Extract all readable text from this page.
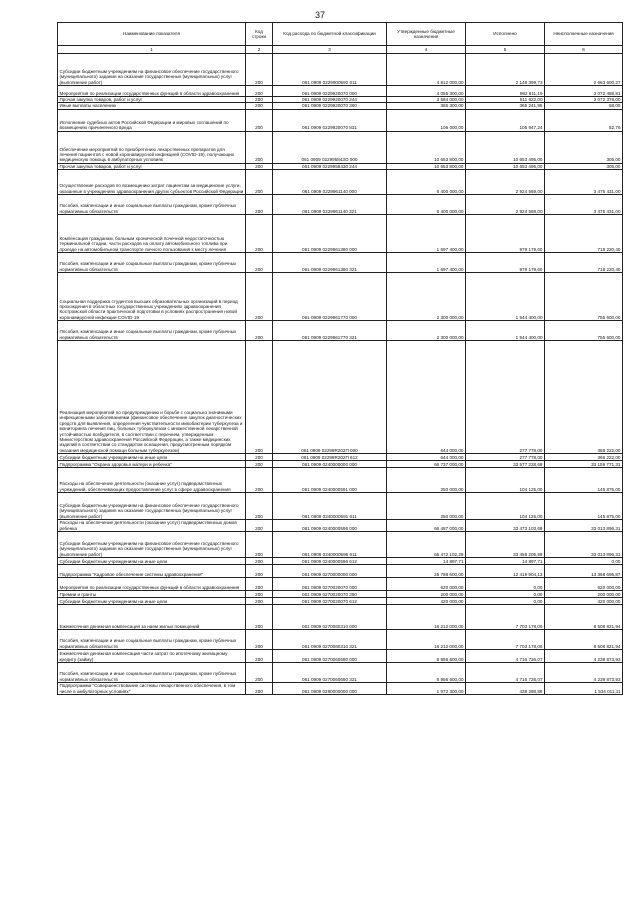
37
Наименование показателя	Код строки	Код расхода по бюджетной классификации	Утвержденные бюджетные назначения	Исполнено	Неисполненные назначения
1	2	3	4	5	6
Субсидии бюджетным учреждениям на финансовое обеспечение государственного (муниципального) задания на оказание государственных (муниципальных) услуг (выполнение работ)	200	061 0909 0229900592 611	4 812 000,00	2 148 399,73	2 663 600,27
Мероприятия по реализации государственных функций в области здравоохранения	200	061 0909 0229920070 000	4 055 300,00	982 811,19	3 072 488,81
Прочая закупка товаров, работ и услуг	200	061 0909 0229920070 244	3 584 000,00	511 622,00	3 072 378,00
Иные выплаты населению	200	061 0909 0229920070 360	365 300,00	365 241,95	58,05
Исполнение судебных актов Российской Федерации и мировых соглашений по возмещению причиненного вреда	200	061 0909 0229920070 831	106 000,00	105 947,24	52,76
Обеспечение мероприятий по приобретению лекарственных препаратов для лечения пациентов с новой коронавирусной инфекцией (COVID-19), получающих медицинскую помощь в амбулаторных условиях	200	061 0909 022995843О 000	10 653 800,00	10 653 495,00	305,00
Прочая закупка товаров, работ и услуг	200	061 0909 0229958430 244	10 653 800,00	10 653 495,00	305,00
Осуществление расходов по возмещению затрат пациентам за медицинские услуги, оказанные в учреждениях здравоохранения других субъектов Российской Федерации	200	061 0909 0229961140 000	6 400 000,00	2 924 569,00	3 475 431,00
Пособия, компенсации и иные социальные выплаты гражданам, кроме публичных нормативных обязательств	200	061 0909 0229961140 321	6 400 000,00	2 924 569,00	3 475 431,00
Компенсация гражданам, больным хронической почечной недостаточностью терминальной стадии, части расходов на оплату автомобильного топлива при проезде на автомобильном транспорте личного пользования к месту лечения	200	061 0909 0229961380 000	1 697 400,00	979 179,60	718 220,40
Пособия, компенсации и иные социальные выплаты гражданам, кроме публичных нормативных обязательств	200	061 0909 0229961380 321	1 697 400,00	979 179,60	718 220,40
Социальная поддержка студентов высших образовательных организаций в период прохождения в областных государственных учреждениях здравоохранения Костромской области практической подготовки в условиях распространения новой коронавирусной инфекции COVID-19	200	061 0909 0229961770 000	2 300 000,00	1 544 400,00	755 600,00
Пособия, компенсации и иные социальные выплаты гражданам, кроме публичных нормативных обязательств	200	061 0909 0229961770 321	2 300 000,00	1 544 400,00	755 600,00
Реализация мероприятий по предупреждению и борьбе с социально значимыми инфекционными заболеваниями (финансовое обеспечение закупок диагностических средств для выявления, определения чувствительности микобактерии туберкулеза и мониторинга лечения лиц, больных туберкулезом с множественной лекарственной устойчивостью возбудителя, в соответствии с перечнем, утвержденным Министерством здравоохранения Российской Федерации, а также медицинских изделий в соответствии со стандартом оснащения, предусмотренным порядком оказания медицинской помощи больным туберкулезом)	200	061 0909 02299R202П 000	644 000,00	277 778,00	366 222,00
Субсидии бюджетным учреждениям на иные цели	200	061 0909 02299R202П 612	644 000,00	277 778,00	366 222,00
Подпрограмма "Охрана здоровья матери и ребенка"	200	061 0909 0240000000 000	66 737 000,00	33 577 228,69	33 159 771,31
Расходы на обеспечение деятельности (оказание услуг) подведомственных учреждений, обеспечивающих предоставление услуг в сфере здравоохранения	200	061 0909 0240000591 000	250 000,00	104 125,00	145 875,00
Субсидии бюджетным учреждениям на финансовое обеспечение государственного (муниципального) задания на оказание государственных (муниципальных) услуг (выполнение работ)	200	061 0909 0240000591 611	250 000,00	104 125,00	145 875,00
Расходы на обеспечение деятельности (оказание услуг) подведомственных домов ребенка	200	061 0909 0240000596 000	66 487 000,00	33 473 103,69	33 013 896,31
Субсидии бюджетным учреждениям на финансовое обеспечение государственного (муниципального) задания на оказание государственных (муниципальных) услуг (выполнение работ)	200	061 0909 0240000596 611	66 472 102,29	33 458 205,98	33 013 896,31
Субсидии бюджетным учреждениям на иные цели	200	061 0909 0240000596 612	14 897,71	14 897,71	0,00
Подпрограмма "Кадровое обеспечение системы здравоохранения"	200	061 0909 0270000000 000	25 788 600,00	12 419 904,13	13 368 695,87
Мероприятия по реализации государственных функций в области здравоохранения	200	061 0909 0270020070 000	620 000,00	0,00	620 000,00
Премии и гранты	200	061 0909 0270020070 350	200 000,00	0,00	200 000,00
Субсидии бюджетным учреждениям на иные цели	200	061 0909 0270020070 612	420 000,00	0,00	420 000,00
Ежемесячная денежная компенсация за наем жилых помещений	200	061 0909 0270060310 000	16 212 000,00	7 703 178,06	8 508 821,94
Пособия, компенсации и иные социальные выплаты гражданам, кроме публичных нормативных обязательств	200	061 0909 0270060310 321	16 212 000,00	7 703 178,06	8 508 821,94
Ежемесячная денежная компенсация части затрат по ипотечному жилищному кредиту (займу)	200	061 0909 0270060680 000	8 956 600,00	4 716 726,07	4 239 873,93
Пособия, компенсации и иные социальные выплаты гражданам, кроме публичных нормативных обязательств	200	061 0909 0270060680 321	8 956 600,00	4 716 726,07	4 239 873,93
Подпрограмма "Совершенствование системы лекарственного обеспечения, в том числе в амбулаторных условиях"	200	061 0909 0280000000 000	1 972 300,00	438 288,89	1 534 011,11
